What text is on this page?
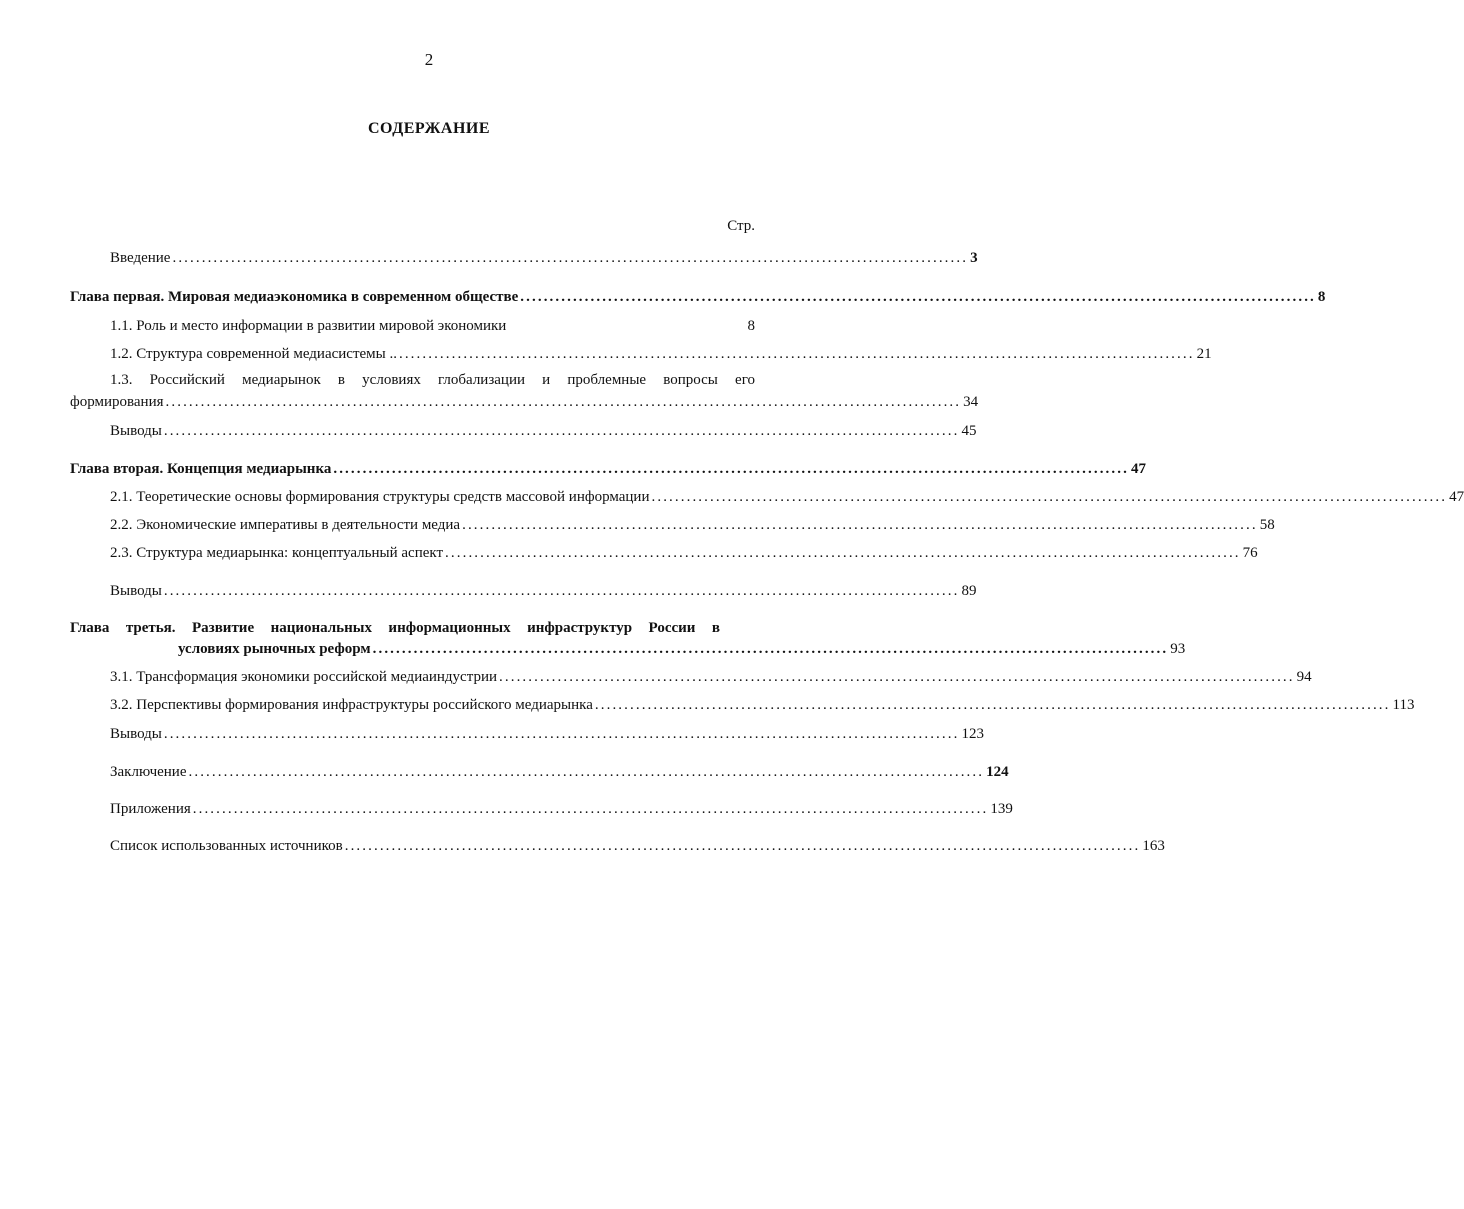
2
СОДЕРЖАНИЕ
Стр.
Введение ........................................................................................................................................ 3
Глава первая. Мировая медиаэкономика в современном обществе ........................................................................................................................................ 8
1.1. Роль и место информации в развитии мировой экономики	8
1.2. Структура современной медиасистемы .. ........................................................................................................................................ 21
1.3. Российский медиарынок в условиях глобализации и проблемные вопросы его
формирования ........................................................................................................................................ 34
Выводы ........................................................................................................................................ 45
Глава вторая. Концепция медиарынка ........................................................................................................................................ 47
2.1. Теоретические основы формирования структуры средств массовой информации ........................................................................................................................................ 47
2.2. Экономические императивы в деятельности медиа ........................................................................................................................................ 58
2.3. Структура медиарынка: концептуальный аспект ........................................................................................................................................ 76
Выводы ........................................................................................................................................ 89
Глава третья. Развитие национальных информационных инфраструктур России в
условиях рыночных реформ ........................................................................................................................................ 93
3.1. Трансформация экономики российской медиаиндустрии ........................................................................................................................................ 94
3.2. Перспективы формирования инфраструктуры российского медиарынка ........................................................................................................................................ 113
Выводы ........................................................................................................................................ 123
Заключение ........................................................................................................................................ 124
Приложения ........................................................................................................................................ 139
Список использованных источников ........................................................................................................................................ 163
